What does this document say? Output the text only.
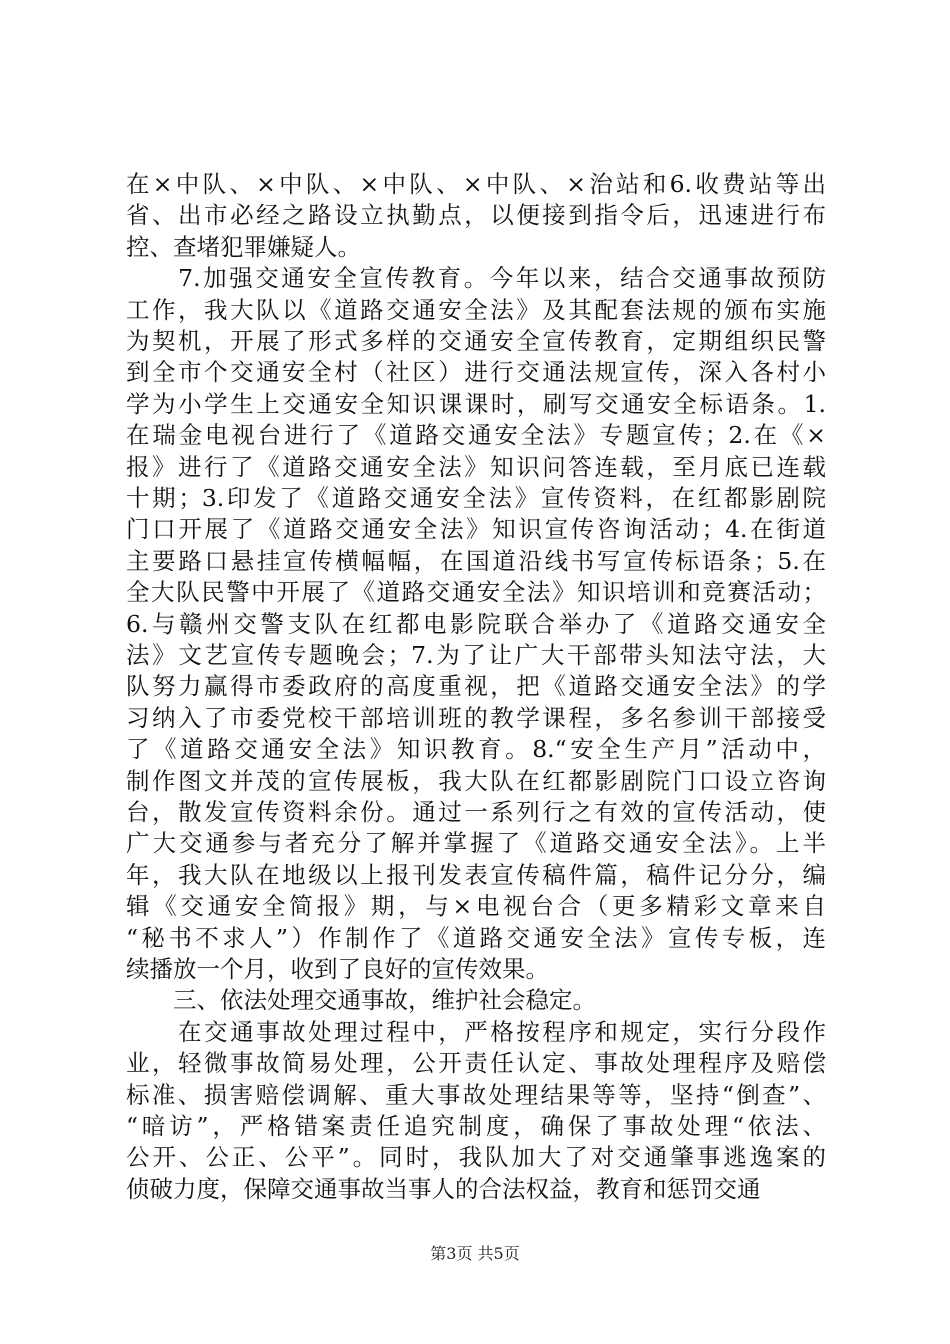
在×中队、×中队、×中队、×中队、×治站和6.收费站等出
省、出市必经之路设立执勤点，以便接到指令后，迅速进行布
控、查堵犯罪嫌疑人。
　　7.加强交通安全宣传教育。今年以来，结合交通事故预防
工作，我大队以《道路交通安全法》及其配套法规的颁布实施
为契机，开展了形式多样的交通安全宣传教育，定期组织民警
到全市个交通安全村（社区）进行交通法规宣传，深入各村小
学为小学生上交通安全知识课课时，刷写交通安全标语条。1.
在瑞金电视台进行了《道路交通安全法》专题宣传；2.在《×
报》进行了《道路交通安全法》知识问答连载，至月底已连载
十期；3.印发了《道路交通安全法》宣传资料，在红都影剧院
门口开展了《道路交通安全法》知识宣传咨询活动；4.在街道
主要路口悬挂宣传横幅幅，在国道沿线书写宣传标语条；5.在
全大队民警中开展了《道路交通安全法》知识培训和竞赛活动；
6.与赣州交警支队在红都电影院联合举办了《道路交通安全
法》文艺宣传专题晚会；7.为了让广大干部带头知法守法，大
队努力赢得市委政府的高度重视，把《道路交通安全法》的学
习纳入了市委党校干部培训班的教学课程，多名参训干部接受
了《道路交通安全法》知识教育。8.“安全生产月”活动中，
制作图文并茂的宣传展板，我大队在红都影剧院门口设立咨询
台，散发宣传资料余份。通过一系列行之有效的宣传活动，使
广大交通参与者充分了解并掌握了《道路交通安全法》。上半
年，我大队在地级以上报刊发表宣传稿件篇，稿件记分分，编
辑《交通安全简报》期，与×电视台合（更多精彩文章来自
“秘书不求人”）作制作了《道路交通安全法》宣传专板，连
续播放一个月，收到了良好的宣传效果。
　　三、依法处理交通事故，维护社会稳定。
　　在交通事故处理过程中，严格按程序和规定，实行分段作
业，轻微事故简易处理，公开责任认定、事故处理程序及赔偿
标准、损害赔偿调解、重大事故处理结果等等，坚持“倒查”、
“暗访”，严格错案责任追究制度，确保了事故处理“依法、
公开、公正、公平”。同时，我队加大了对交通肇事逃逸案的
侦破力度，保障交通事故当事人的合法权益，教育和惩罚交通
第3页 共5页
